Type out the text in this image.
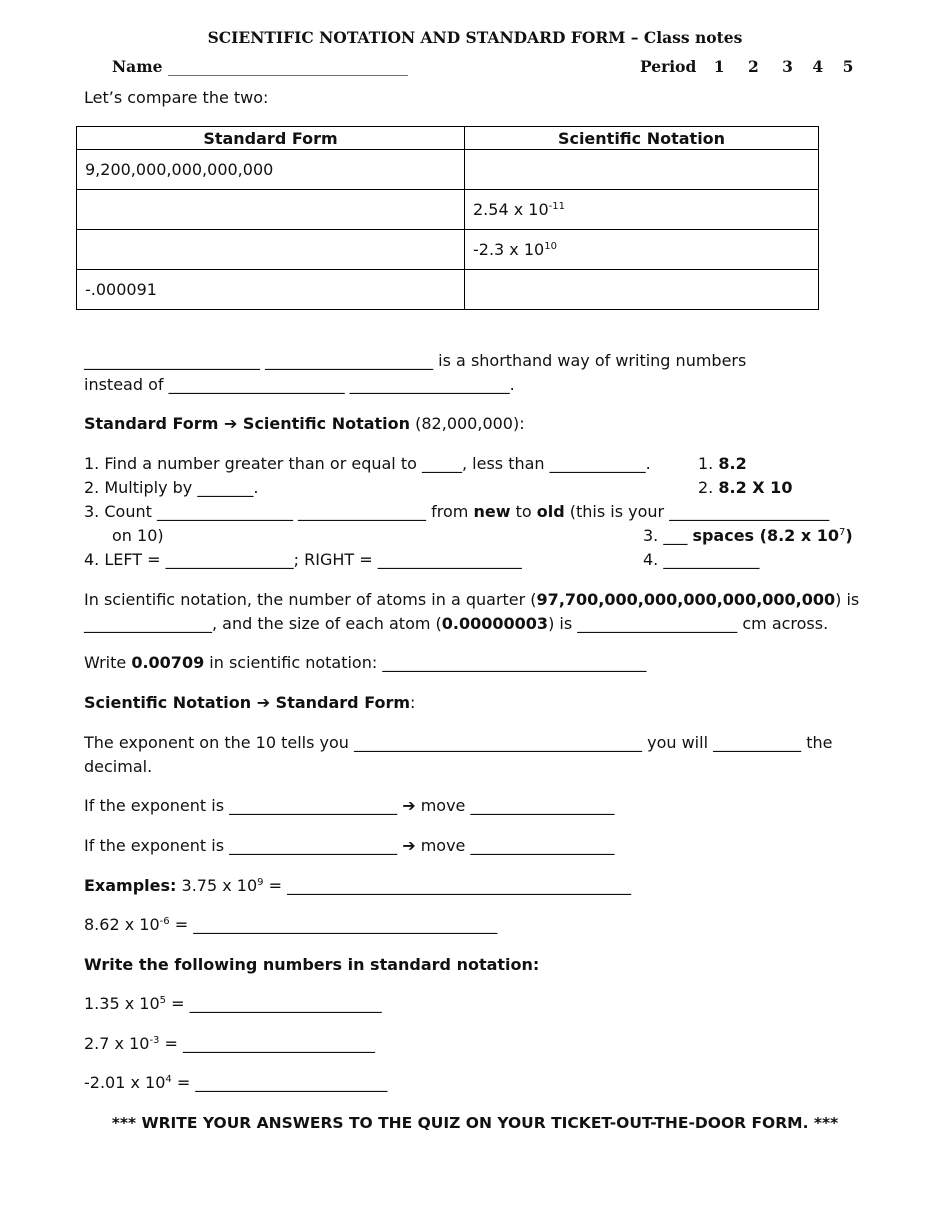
SCIENTIFIC NOTATION AND STANDARD FORM – Class notes
Name _______________________________	Period 1 2 3 4 5
Let’s compare the two:
Standard Form	Scientific Notation
9,200,000,000,000,000	
	2.54 x $10^{-11}$
	-2.3 x $10^{10}$
-.000091	
______________________ _____________________ is a shorthand way of writing numbers
instead of ______________________ ____________________.
Standard Form ➔ Scientific Notation (82,000,000):
1. Find a number greater than or equal to _____, less than ____________.	1. 8.2
2. Multiply by _______.	2. 8.2 X 10
3. Count _________________ ________________ from new to old (this is your ____________________
on 10)	3. ___ spaces (8.2 x $10^7$)
4. LEFT = ________________; RIGHT = __________________	4. ____________
In scientific notation, the number of atoms in a quarter (97,700,000,000,000,000,000,000) is
________________, and the size of each atom (0.00000003) is ____________________ cm across.
Write 0.00709 in scientific notation: _________________________________
Scientific Notation ➔ Standard Form:
The exponent on the 10 tells you ____________________________________ you will ___________ the
decimal.
If the exponent is _____________________ ➔ move __________________
If the exponent is _____________________ ➔ move __________________
Examples: 3.75 x $10^9$ = ___________________________________________
8.62 x $10^{-6}$ = ______________________________________
Write the following numbers in standard notation:
1.35 x $10^5$ = ________________________
2.7 x $10^{-3}$ = ________________________
-2.01 x $10^4$ = ________________________
*** WRITE YOUR ANSWERS TO THE QUIZ ON YOUR TICKET-OUT-THE-DOOR FORM. ***
